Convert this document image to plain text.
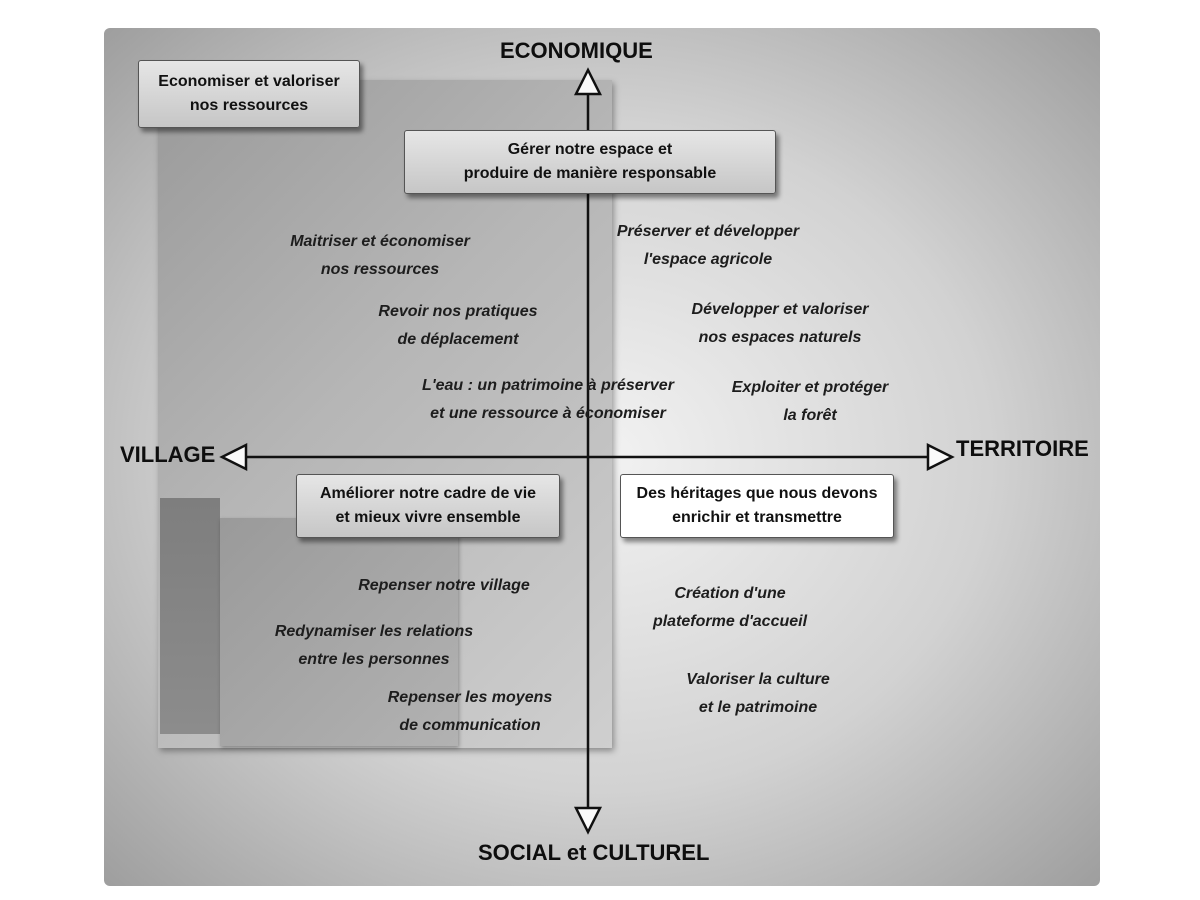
ECONOMIQUE
SOCIAL et CULTUREL
VILLAGE	TERRITOIRE
Economiser et valoriser
nos ressources
Gérer notre espace et
produire de manière responsable
Améliorer notre cadre de vie
et mieux vivre ensemble
Des héritages que nous devons
enrichir et transmettre
Maitriser et économiser
nos ressources
Revoir nos pratiques
de déplacement
L'eau : un patrimoine à préserver
et une ressource à économiser
Préserver et développer
l'espace agricole
Développer et valoriser
nos espaces naturels
Exploiter et protéger
la forêt
Repenser notre village
Redynamiser les relations
entre les personnes
Repenser les moyens
de communication
Création d'une
plateforme d'accueil
Valoriser la culture
et le patrimoine
